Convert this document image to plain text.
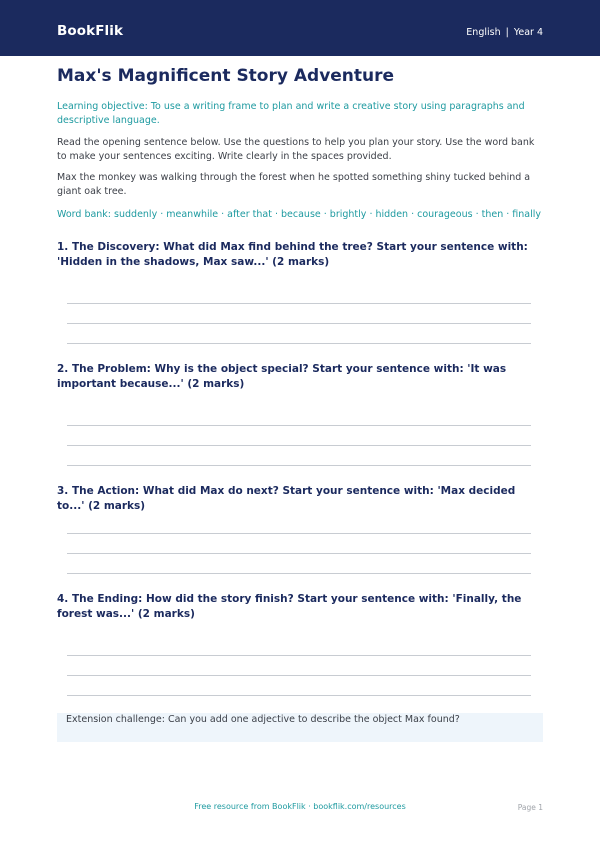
BookFlik	English | Year 4
Max's Magnificent Story Adventure
Learning objective: To use a writing frame to plan and write a creative story using paragraphs and descriptive language.
Read the opening sentence below. Use the questions to help you plan your story. Use the word bank to make your sentences exciting. Write clearly in the spaces provided.
Max the monkey was walking through the forest when he spotted something shiny tucked behind a giant oak tree.
Word bank: suddenly · meanwhile · after that · because · brightly · hidden · courageous · then · finally

1. The Discovery: What did Max find behind the tree? Start your sentence with: 'Hidden in the shadows, Max saw...' (2 marks)

2. The Problem: Why is the object special? Start your sentence with: 'It was important because...' (2 marks)

3. The Action: What did Max do next? Start your sentence with: 'Max decided to...' (2 marks)

4. The Ending: How did the story finish? Start your sentence with: 'Finally, the forest was...' (2 marks)

Extension challenge: Can you add one adjective to describe the object Max found?
Free resource from BookFlik · bookflik.com/resources	Page 1
